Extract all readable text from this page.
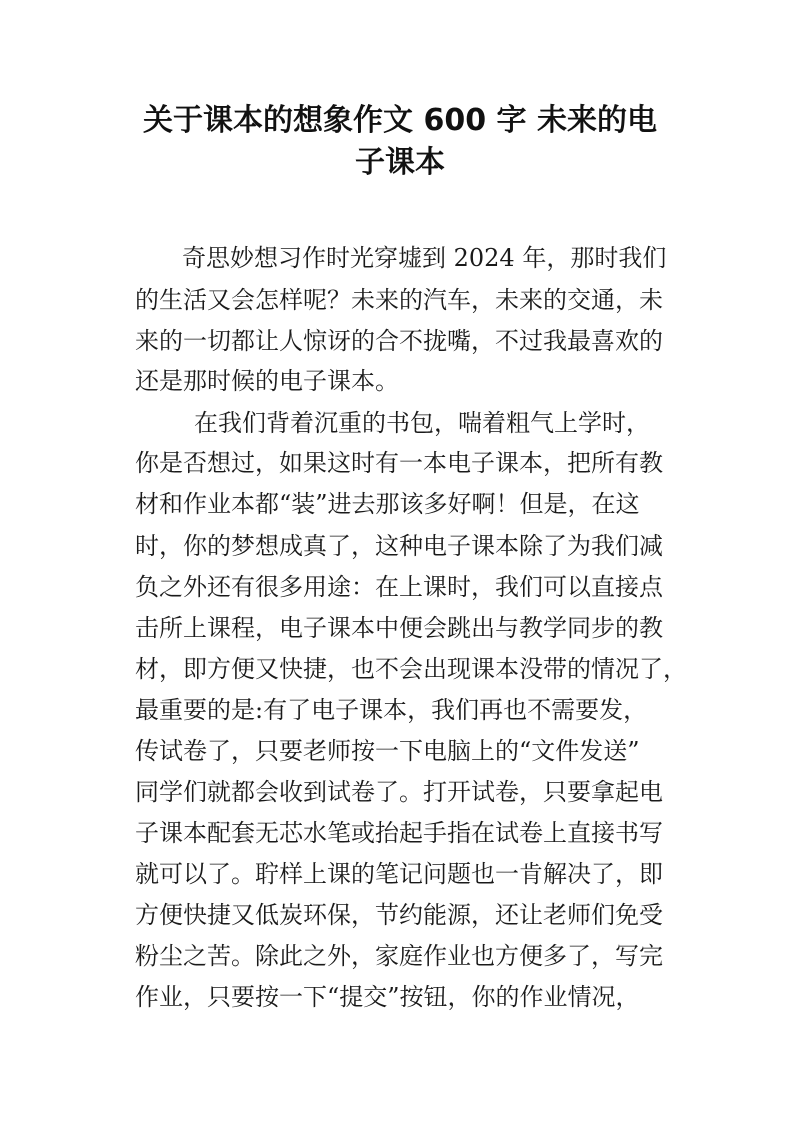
关于课本的想象作文 600 字 未来的电
子课本
奇思妙想习作时光穿墟到 2024 年，那时我们
的生活又会怎样呢？未来的汽车，未来的交通，未
来的一切都让人惊讶的合不拢嘴，不过我最喜欢的
还是那时候的电子课本。
在我们背着沉重的书包，喘着粗气上学时，
你是否想过，如果这时有一本电子课本，把所有教
材和作业本都“装”进去那该多好啊！但是，在这
时，你的梦想成真了，这种电子课本除了为我们减
负之外还有很多用途：在上课时，我们可以直接点
击所上课程，电子课本中便会跳出与教学同步的教
材，即方便又快捷，也不会出现课本没带的情况了，
最重要的是:有了电子课本，我们再也不需要发，
传试卷了，只要老师按一下电脑上的“文件发送”
同学们就都会收到试卷了。打开试卷，只要拿起电
子课本配套无芯水笔或抬起手指在试卷上直接书写
就可以了。聍样上课的笔记问题也一肯解决了，即
方便快捷又低炭环保，节约能源，还让老师们免受
粉尘之苦。除此之外，家庭作业也方便多了，写完
作业，只要按一下“提交”按钮，你的作业情况，
